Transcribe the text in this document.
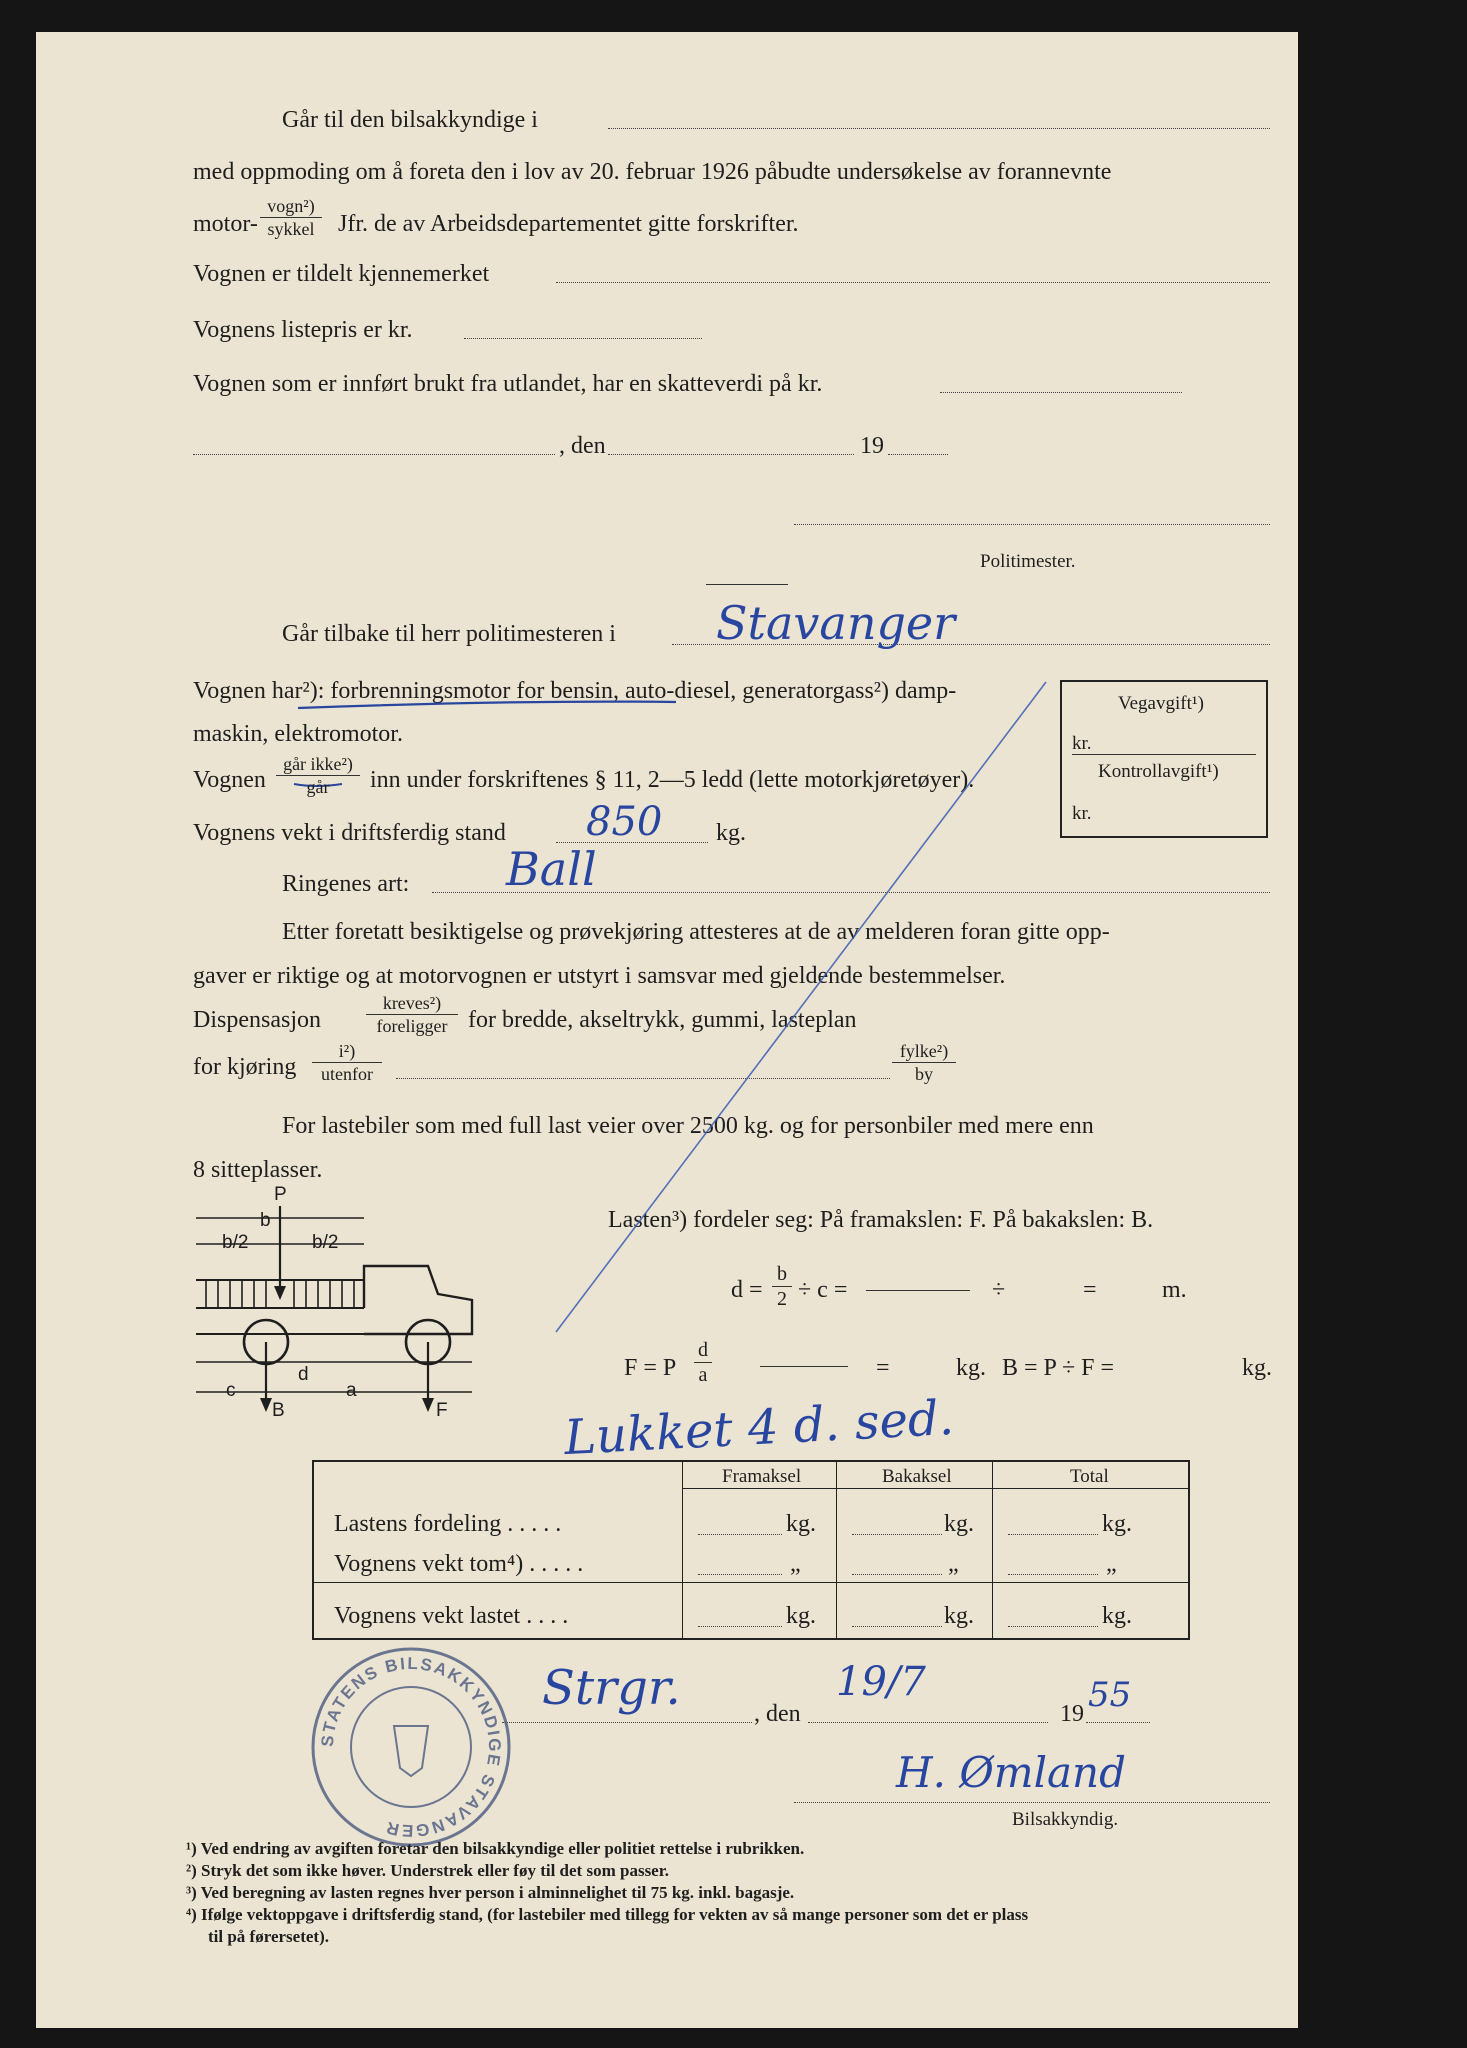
Går til den bilsakkyndige i
med oppmoding om å foreta den i lov av 20. februar 1926 påbudte undersøkelse av forannevnte
motor-
vogn²)
sykkel Jfr. de av Arbeidsdepartementet gitte forskrifter.
Vognen er tildelt kjennemerket
Vognens listepris er kr.
Vognen som er innført brukt fra utlandet, har en skatteverdi på kr.
, den	19
Politimester.
Går tilbake til herr politimesteren i Stavanger
Vognen har²): forbrenningsmotor for bensin, auto-diesel, generatorgass²) damp-
maskin, elektromotor.
Vognen
går ikke²)
går	inn under forskriftenes § 11, 2—5 ledd (lette motorkjøretøyer).
Vognens vekt i driftsferdig stand 850 kg.
Ringenes art: Ball
Etter foretatt besiktigelse og prøvekjøring attesteres at de av melderen foran gitte opp-
gaver er riktige og at motorvognen er utstyrt i samsvar med gjeldende bestemmelser.
Dispensasjon
kreves²)
foreligger for bredde, akseltrykk, gummi, lasteplan
for kjøring
i²)
utenfor
fylke²)
by
For lastebiler som med full last veier over 2500 kg. og for personbiler med mere enn
8 sitteplasser.
Vegavgift¹)
kr.
Kontrollavgift¹)
kr.
Lasten³) fordeler seg: På framakslen: F. På bakakslen: B.
$d = \frac{b}{2} \div c$ =	÷	=	m.
F = P $\frac{d}{a}$	=	kg. B = P ÷ F =	kg.
Lukket 4 d. sed.
P
b
b/2	b/2
d
c	a
B	F
Framaksel	Bakaksel	Total
Lastens fordeling . . . . .	kg.	kg.	kg.
Vognens vekt tom⁴) . . . . .	„	„	„
Vognens vekt lastet . . . .	kg.	kg.	kg.
STATENS BILSAKKYNDIGE STAVANGER
Strgr.	, den
19/7
19 55
H. Ømland
Bilsakkyndig.
¹) Ved endring av avgiften foretar den bilsakkyndige eller politiet rettelse i rubrikken.
²) Stryk det som ikke høver. Understrek eller føy til det som passer.
³) Ved beregning av lasten regnes hver person i alminnelighet til 75 kg. inkl. bagasje.
⁴) Ifølge vektoppgave i driftsferdig stand, (for lastebiler med tillegg for vekten av så mange personer som det er plass
til på førersetet).
